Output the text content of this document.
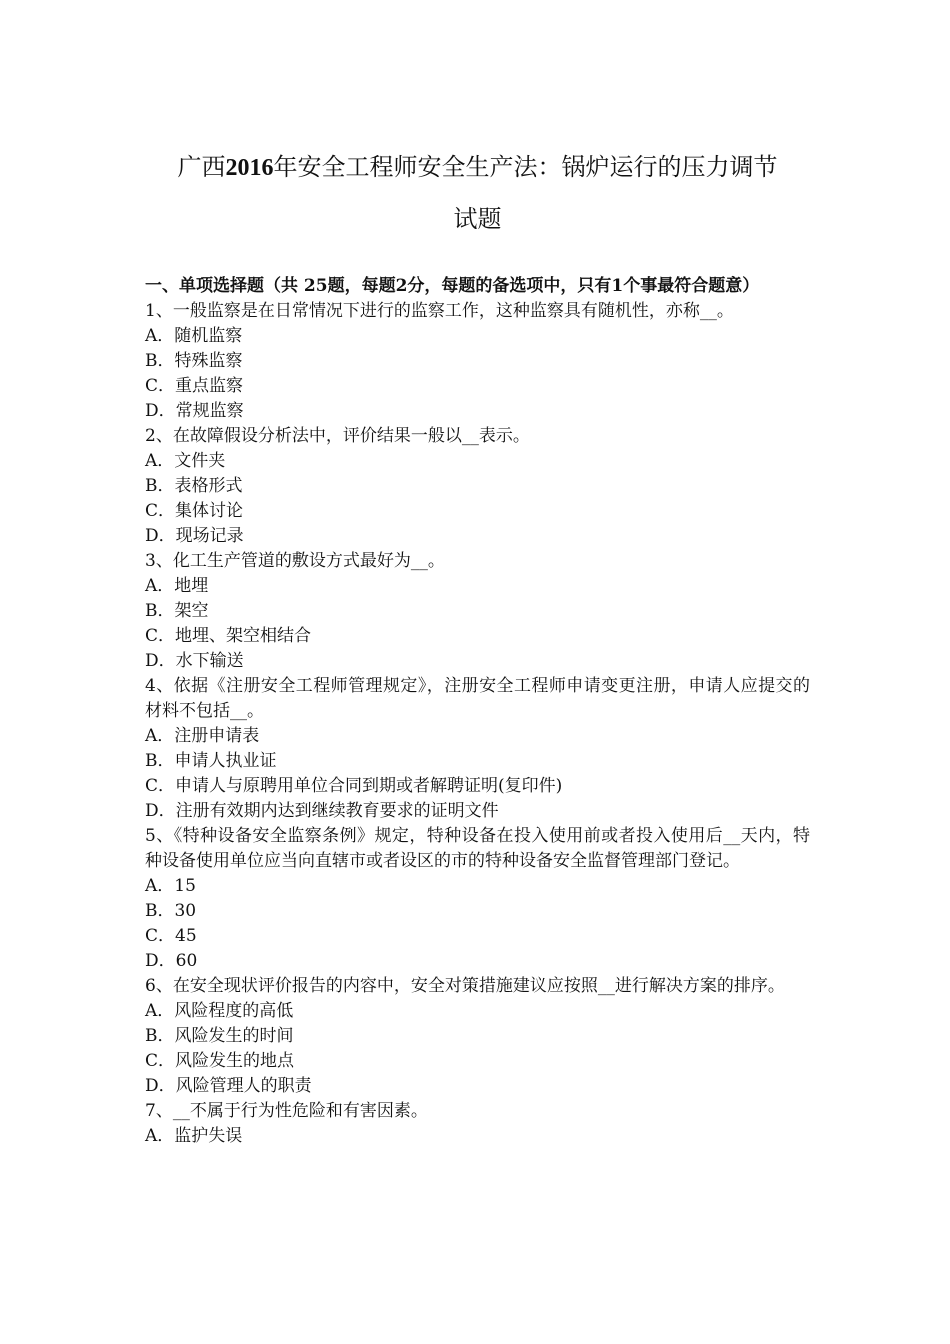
广西2016年安全工程师安全生产法：锅炉运行的压力调节
试题

一、单项选择题（共 25题，每题2分，每题的备选项中，只有1个事最符合题意）

1、一般监察是在日常情况下进行的监察工作，这种监察具有随机性，亦称__。

A．随机监察

B．特殊监察

C．重点监察

D．常规监察

2、在故障假设分析法中，评价结果一般以__表示。

A．文件夹

B．表格形式

C．集体讨论

D．现场记录

3、化工生产管道的敷设方式最好为__。

A．地埋

B．架空

C．地埋、架空相结合

D．水下输送

4、依据《注册安全工程师管理规定》，注册安全工程师申请变更注册，申请人应提交的材料不包括__。

A．注册申请表

B．申请人执业证

C．申请人与原聘用单位合同到期或者解聘证明(复印件)

D．注册有效期内达到继续教育要求的证明文件

5、《特种设备安全监察条例》规定，特种设备在投入使用前或者投入使用后__天内，特种设备使用单位应当向直辖市或者设区的市的特种设备安全监督管理部门登记。

A．15

B．30

C．45

D．60

6、在安全现状评价报告的内容中，安全对策措施建议应按照__进行解决方案的排序。

A．风险程度的高低

B．风险发生的时间

C．风险发生的地点

D．风险管理人的职责

7、__不属于行为性危险和有害因素。

A．监护失误
